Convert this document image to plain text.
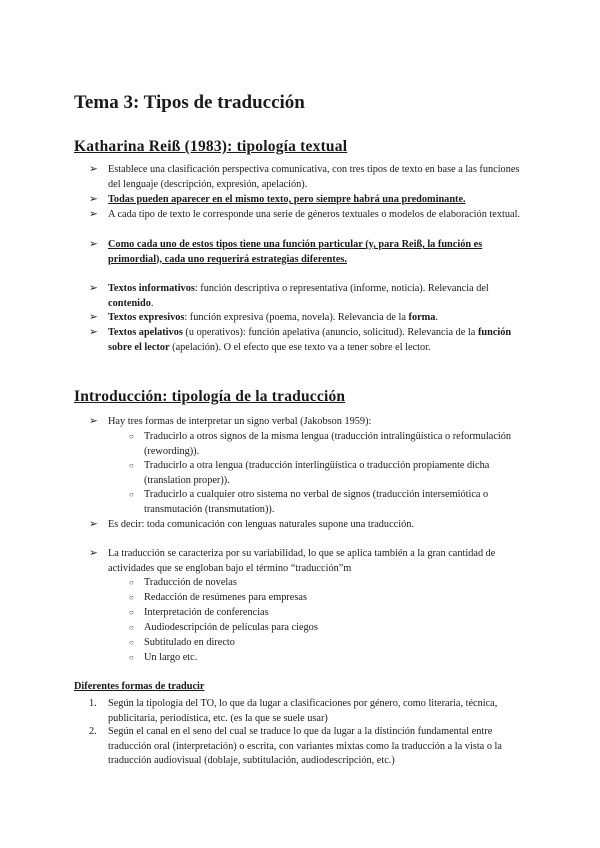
Tema 3: Tipos de traducción
Katharina Reiß (1983): tipología textual
➢ Establece una clasificación perspectiva comunicativa, con tres tipos de texto en base a las funciones del lenguaje (descripción, expresión, apelación).
➢ Todas pueden aparecer en el mismo texto, pero siempre habrá una predominante.
➢ A cada tipo de texto le corresponde una serie de géneros textuales o modelos de elaboración textual.
➢ Como cada uno de estos tipos tiene una función particular (y, para Reiß, la función es primordial), cada uno requerirá estrategias diferentes.
➢ Textos informativos: función descriptiva o representativa (informe, noticia). Relevancia del contenido.
➢ Textos expresivos: función expresiva (poema, novela). Relevancia de la forma.
➢ Textos apelativos (u operativos): función apelativa (anuncio, solicitud). Relevancia de la función sobre el lector (apelación). O el efecto que ese texto va a tener sobre el lector.
Introducción: tipología de la traducción
➢ Hay tres formas de interpretar un signo verbal (Jakobson 1959):
○ Traducirlo a otros signos de la misma lengua (traducción intralingüística o reformulación (rewording)).
○ Traducirlo a otra lengua (traducción interlingüística o traducción propiamente dicha (translation proper)).
○ Traducirlo a cualquier otro sistema no verbal de signos (traducción intersemiótica o transmutación (transmutation)).
➢ Es decir: toda comunicación con lenguas naturales supone una traducción.
➢ La traducción se caracteriza por su variabilidad, lo que se aplica también a la gran cantidad de actividades que se engloban bajo el término “traducción”m
○ Traducción de novelas
○ Redacción de resúmenes para empresas
○ Interpretación de conferencias
○ Audiodescripción de películas para ciegos
○ Subtitulado en directo
○ Un largo etc.
Diferentes formas de traducir
1. Según la tipología del TO, lo que da lugar a clasificaciones por género, como literaria, técnica, publicitaria, periodística, etc. (es la que se suele usar)
2. Según el canal en el seno del cual se traduce lo que da lugar a la distinción fundamental entre traducción oral (interpretación) o escrita, con variantes mixtas como la traducción a la vista o la traducción audiovisual (doblaje, subtitulación, audiodescripción, etc.)
